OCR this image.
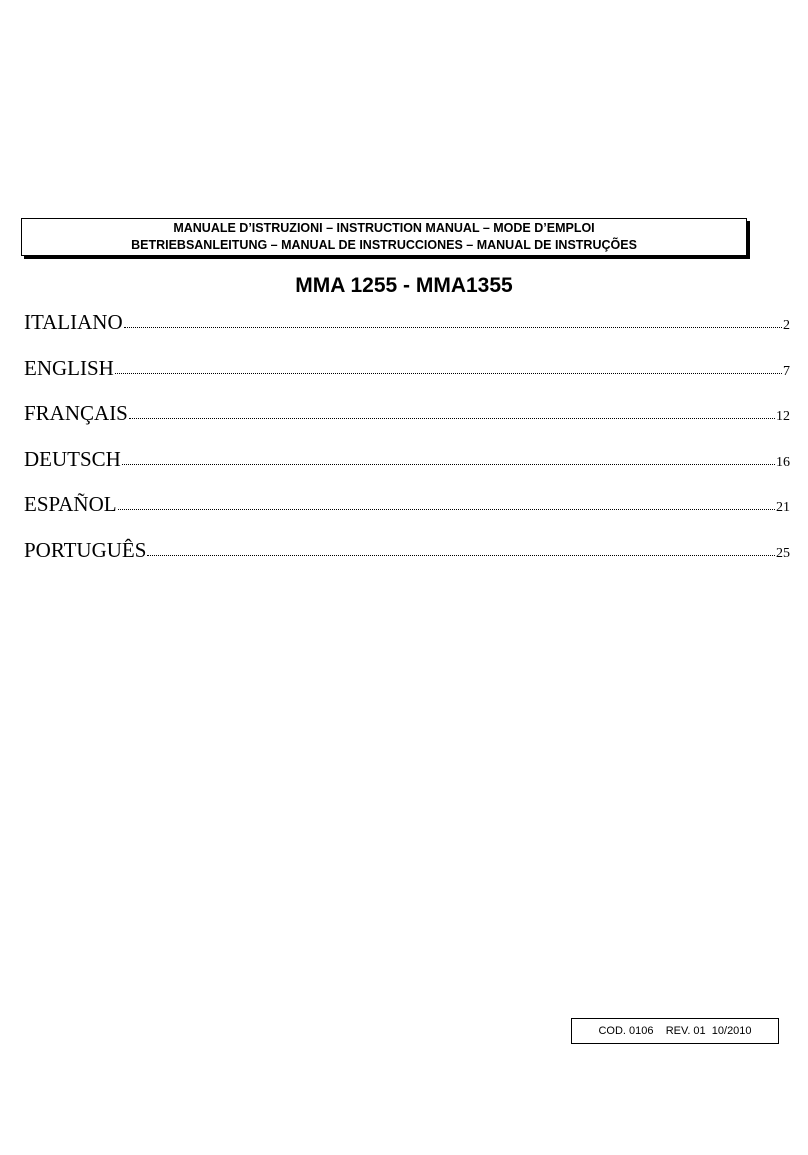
MANUALE D’ISTRUZIONI – INSTRUCTION MANUAL – MODE D’EMPLOI
BETRIEBSANLEITUNG – MANUAL DE INSTRUCCIONES – MANUAL DE INSTRUÇÕES
MMA 1255 - MMA1355
ITALIANO	2
ENGLISH	7
FRANÇAIS	12
DEUTSCH	16
ESPAÑOL	21
PORTUGUÊS	25
COD. 0106    REV. 01  10/2010
